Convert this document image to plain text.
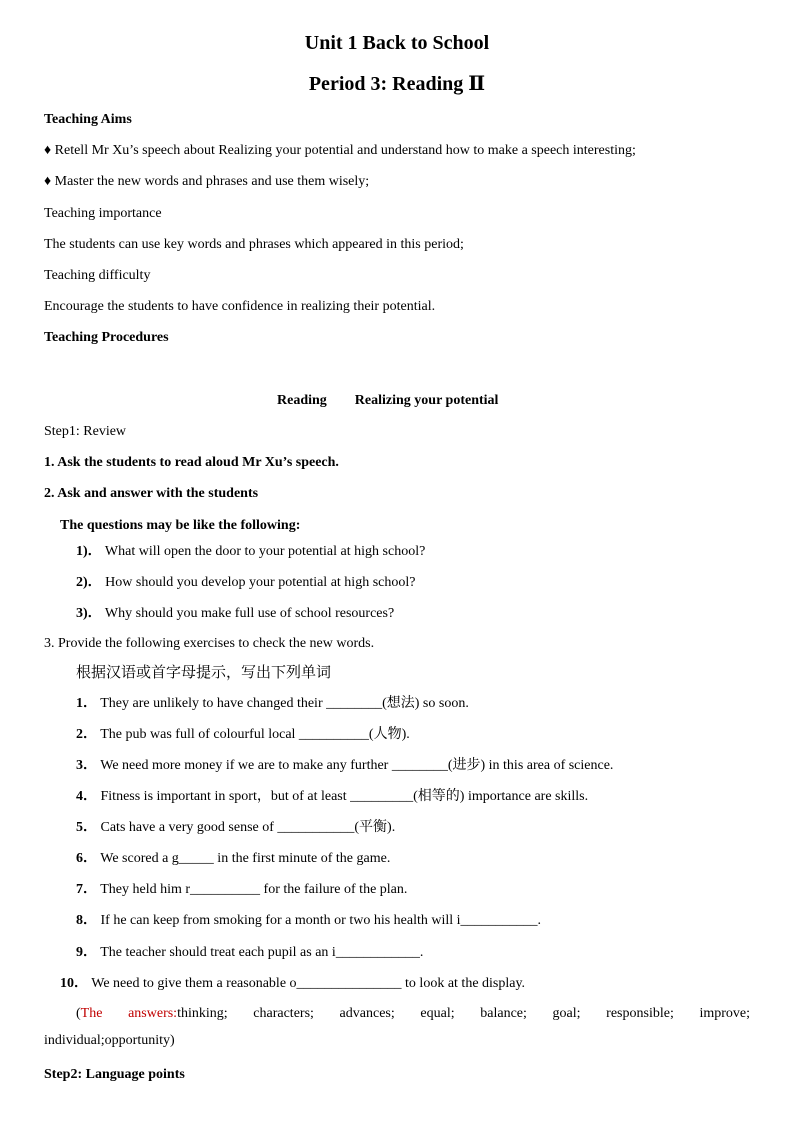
Unit 1 Back to School
Period 3: Reading Ⅱ
Teaching Aims
♦ Retell Mr Xu’s speech about Realizing your potential and understand how to make a speech interesting;
♦ Master the new words and phrases and use them wisely;
Teaching importance
The students can use key words and phrases which appeared in this period;
Teaching difficulty
Encourage the students to have confidence in realizing their potential.
Teaching Procedures
Reading Realizing your potential
Step1: Review
1. Ask the students to read aloud Mr Xu’s speech.
2. Ask and answer with the students
The questions may be like the following:
1)． What will open the door to your potential at high school?
2)． How should you develop your potential at high school?
3)． Why should you make full use of school resources?
3. Provide the following exercises to check the new words.
根据汉语或首字母提示，写出下列单词
1． They are unlikely to have changed their ________(想法) so soon.
2． The pub was full of colourful local __________(人物).
3． We need more money if we are to make any further ________(进步) in this area of science.
4． Fitness is important in sport，but of at least _________(相等的) importance are skills.
5． Cats have a very good sense of ___________(平衡).
6． We scored a g_____ in the first minute of the game.
7． They held him r__________ for the failure of the plan.
8． If he can keep from smoking for a month or two his health will i___________.
9． The teacher should treat each pupil as an i____________.
10． We need to give them a reasonable o_______________ to look at the display.
(The answers:thinking; characters; advances; equal; balance; goal; responsible; improve;
individual;opportunity)
Step2: Language points
